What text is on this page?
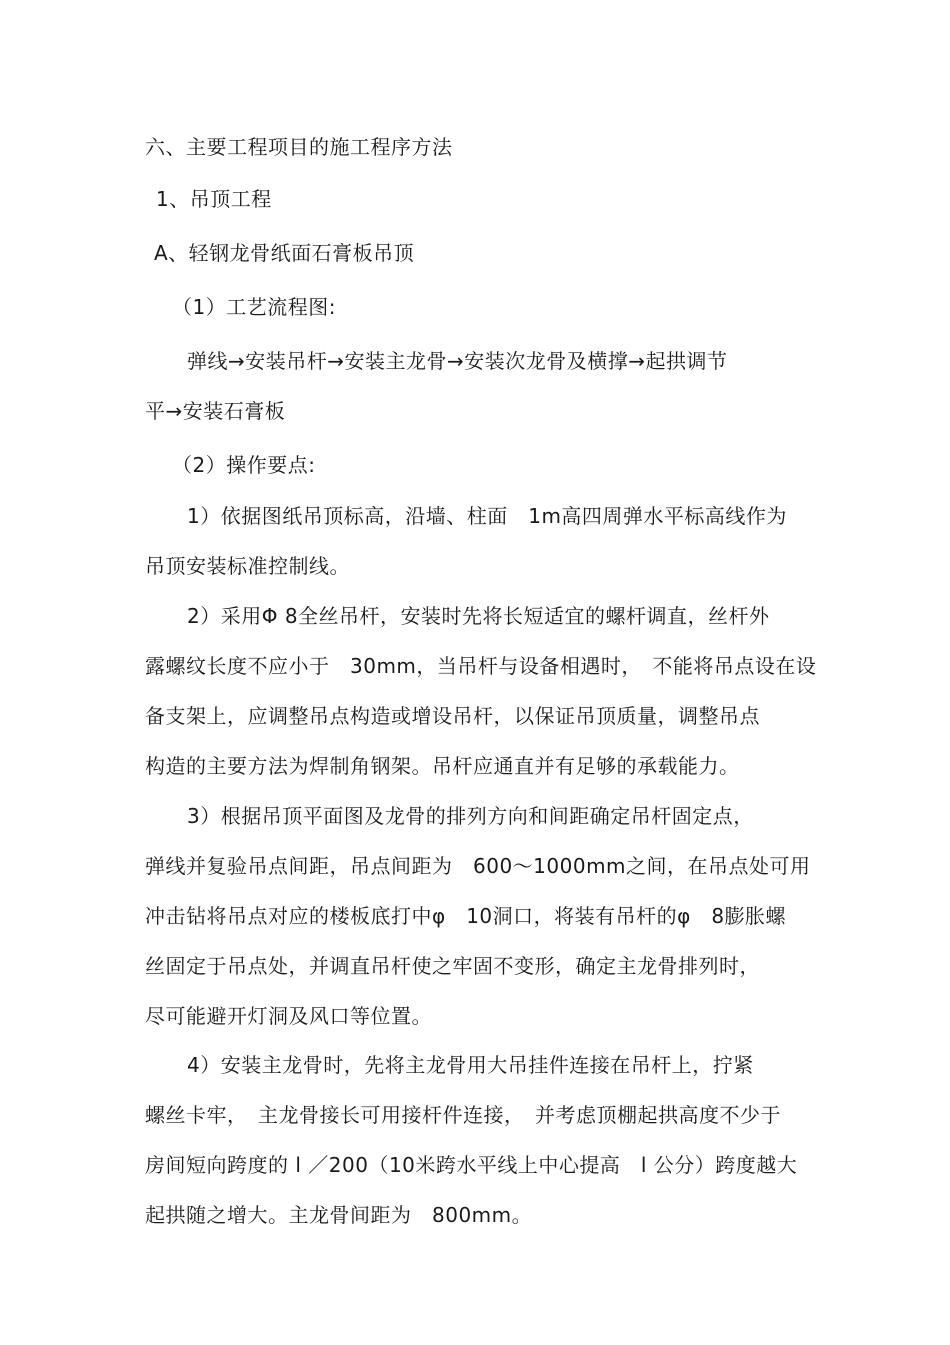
六、主要工程项目的施工程序方法
1、吊顶工程
A、轻钢龙骨纸面石膏板吊顶
（1）工艺流程图:
弹线→安装吊杆→安装主龙骨→安装次龙骨及横撑→起拱调节
平→安装石膏板
（2）操作要点:
1）依据图纸吊顶标高，沿墙、柱面　1m高四周弹水平标高线作为
吊顶安装标准控制线。
2）采用Φ 8全丝吊杆，安装时先将长短适宜的螺杆调直，丝杆外
露螺纹长度不应小于　30mm，当吊杆与设备相遇时，　不能将吊点设在设
备支架上，应调整吊点构造或增设吊杆，以保证吊顶质量，调整吊点
构造的主要方法为焊制角钢架。吊杆应通直并有足够的承载能力。
3）根据吊顶平面图及龙骨的排列方向和间距确定吊杆固定点，
弹线并复验吊点间距，吊点间距为　600～1000mm之间，在吊点处可用
冲击钻将吊点对应的楼板底打中φ　10洞口，将装有吊杆的φ　8膨胀螺
丝固定于吊点处，并调直吊杆使之牢固不变形，确定主龙骨排列时，
尽可能避开灯洞及风口等位置。
4）安装主龙骨时，先将主龙骨用大吊挂件连接在吊杆上，拧紧
螺丝卡牢，　主龙骨接长可用接杆件连接，　并考虑顶棚起拱高度不少于
房间短向跨度的 l ／200（10米跨水平线上中心提高　l 公分）跨度越大
起拱随之增大。主龙骨间距为　800mm。
